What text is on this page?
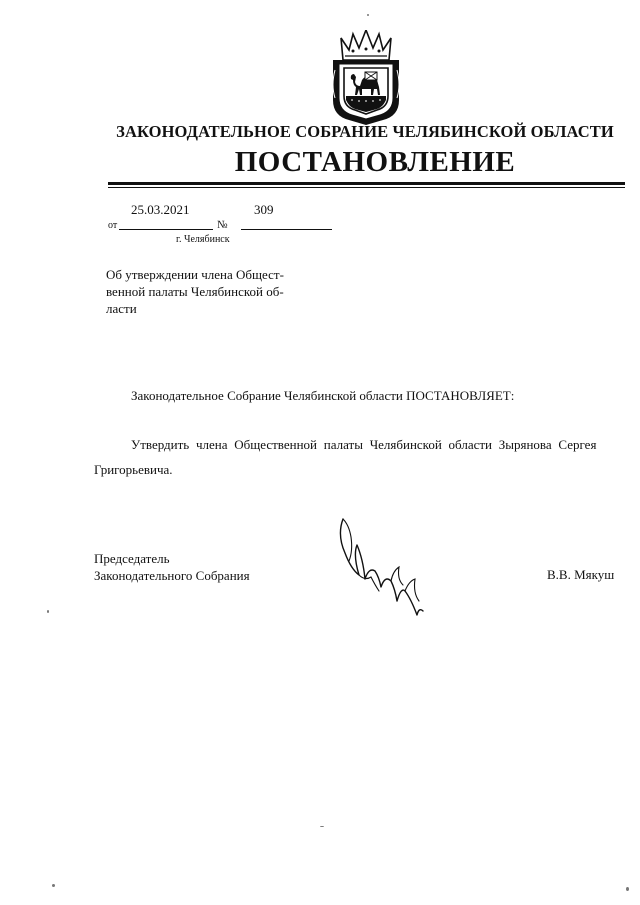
ЗАКОНОДАТЕЛЬНОЕ СОБРАНИЕ ЧЕЛЯБИНСКОЙ ОБЛАСТИ
ПОСТАНОВЛЕНИЕ
25.03.2021	309
от	№
г. Челябинск
Об утверждении члена Общест-
венной палаты Челябинской об-
ласти
Законодательное Собрание Челябинской области ПОСТАНОВЛЯЕТ:
Утвердить члена Общественной палаты Челябинской области Зырянова Сергея
Григорьевича.
Председатель
Законодательного Собрания	В.В. Мякуш
